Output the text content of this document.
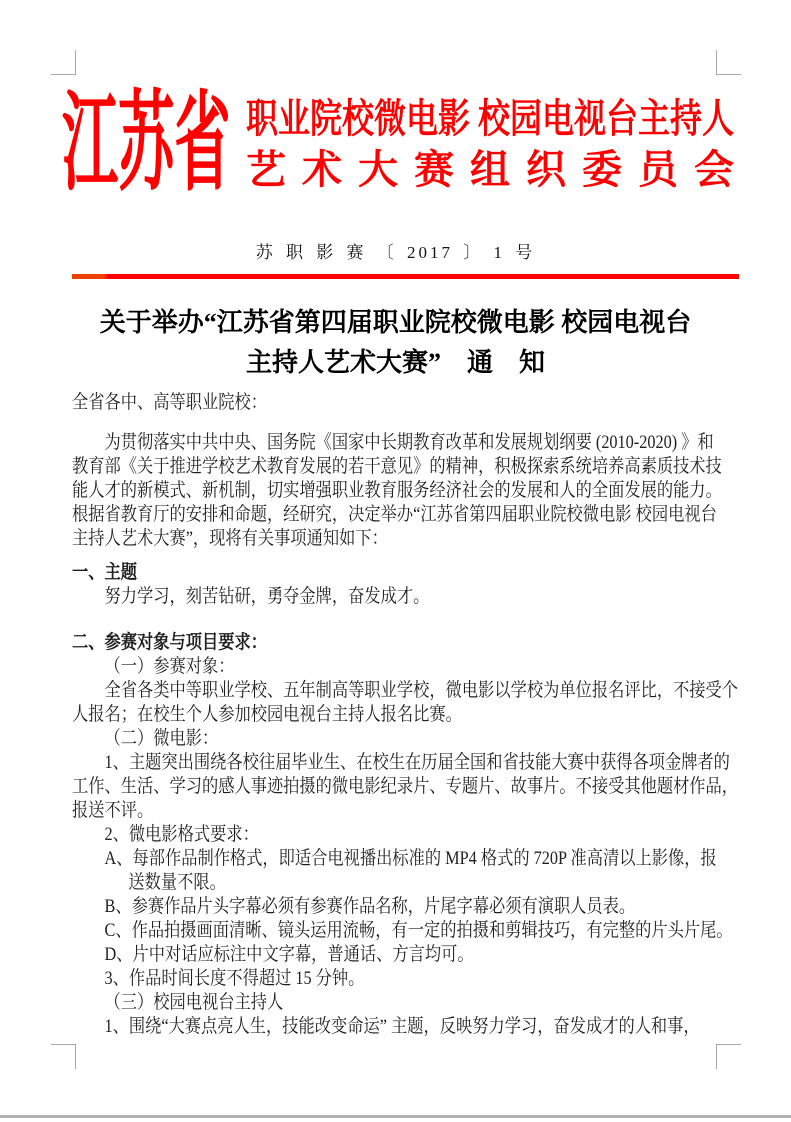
江苏省 职业院校微电影 校园电视台主持人
艺术大赛组织委员会
苏 职 影 赛 〔 2017 〕 1 号
关于举办“江苏省第四届职业院校微电影 校园电视台
主持人艺术大赛”　通　知
全省各中、高等职业院校：
为贯彻落实中共中央、国务院《国家中长期教育改革和发展规划纲要 (2010-2020) 》和
教育部《关于推进学校艺术教育发展的若干意见》的精神，积极探索系统培养高素质技术技
能人才的新模式、新机制，切实增强职业教育服务经济社会的发展和人的全面发展的能力。
根据省教育厅的安排和命题，经研究，决定举办“江苏省第四届职业院校微电影 校园电视台
主持人艺术大赛”，现将有关事项通知如下：
一、主题
努力学习，刻苦钻研，勇夺金牌，奋发成才。
二、参赛对象与项目要求：
（一）参赛对象：
全省各类中等职业学校、五年制高等职业学校，微电影以学校为单位报名评比，不接受个
人报名；在校生个人参加校园电视台主持人报名比赛。
（二）微电影：
1、主题突出围绕各校往届毕业生、在校生在历届全国和省技能大赛中获得各项金牌者的
工作、生活、学习的感人事迹拍摄的微电影纪录片、专题片、故事片。不接受其他题材作品，
报送不评。
2、微电影格式要求：
A、每部作品制作格式，即适合电视播出标准的 MP4 格式的 720P 准高清以上影像，报
送数量不限。
B、参赛作品片头字幕必须有参赛作品名称，片尾字幕必须有演职人员表。
C、作品拍摄画面清晰、镜头运用流畅，有一定的拍摄和剪辑技巧，有完整的片头片尾。
D、片中对话应标注中文字幕，普通话、方言均可。
3、作品时间长度不得超过 15 分钟。
（三）校园电视台主持人
1、围绕“大赛点亮人生，技能改变命运” 主题，反映努力学习，奋发成才的人和事，
